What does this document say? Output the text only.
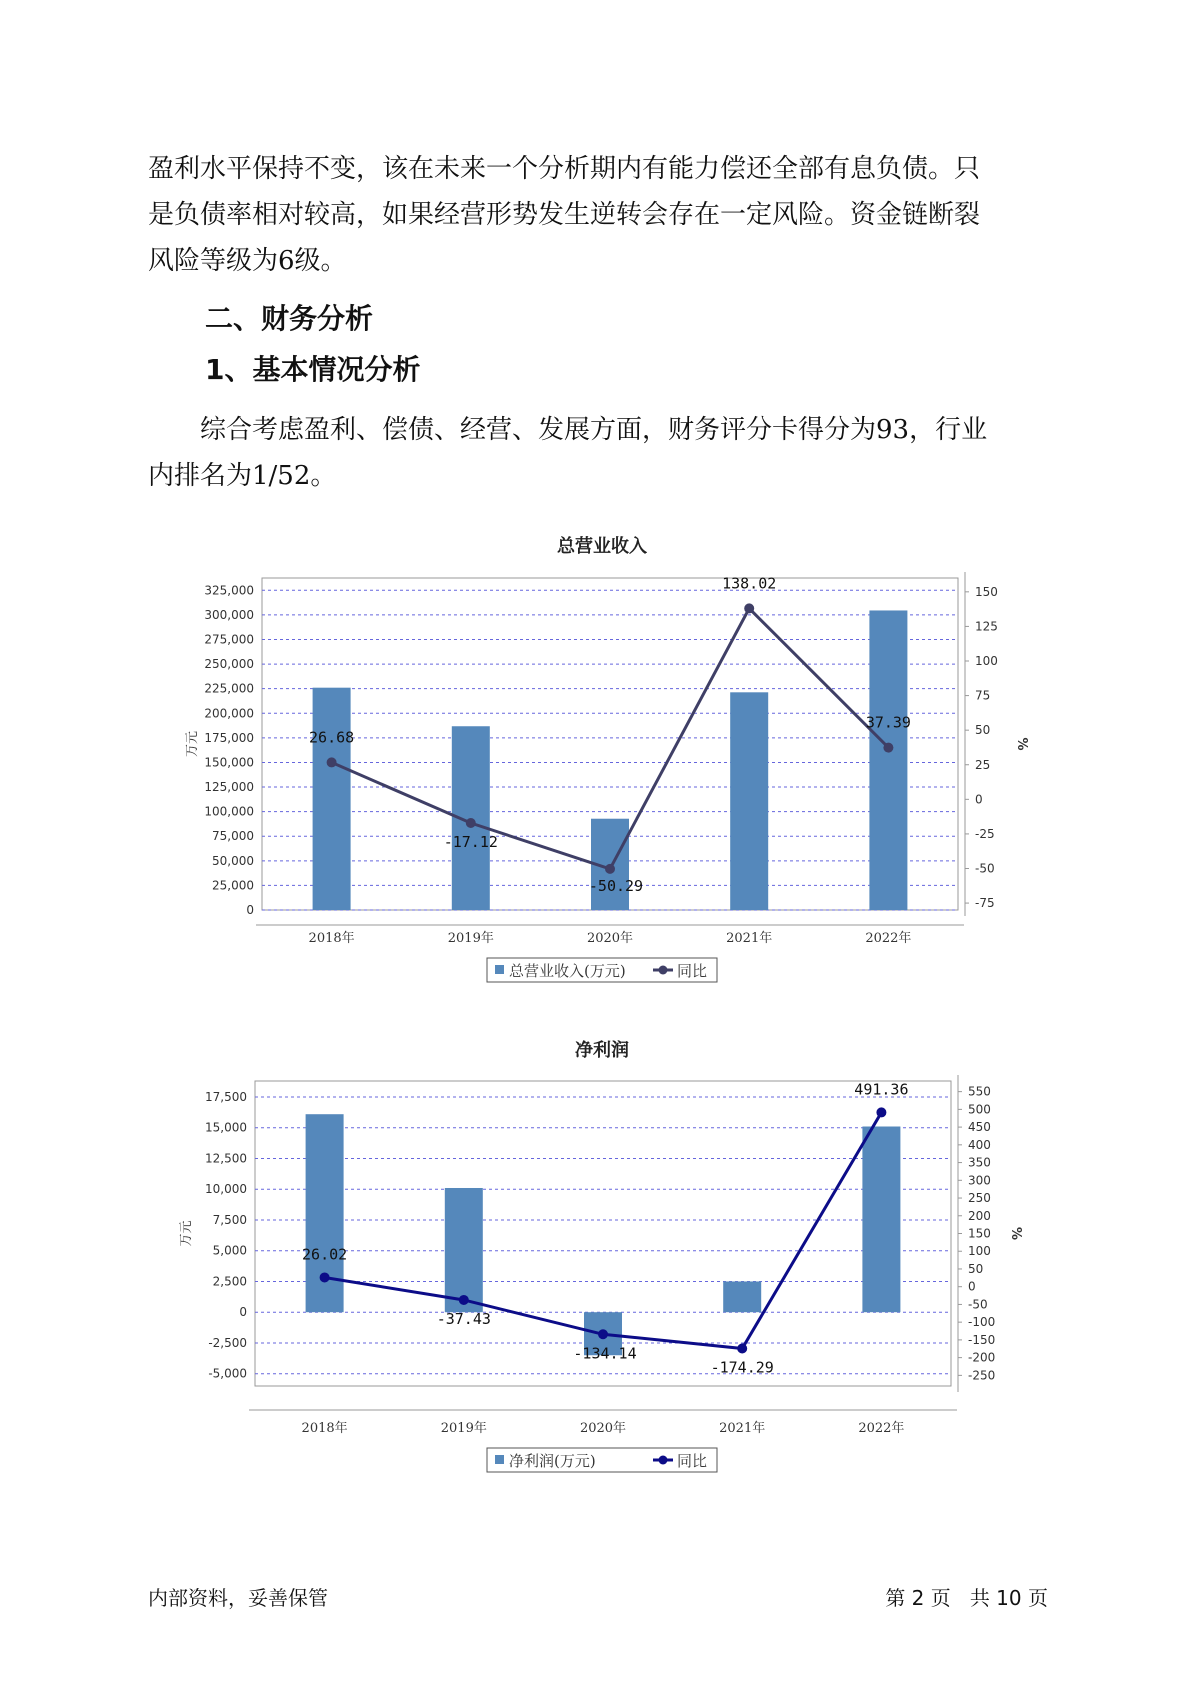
盈利水平保持不变，该在未来一个分析期内有能力偿还全部有息负债。只
是负债率相对较高，如果经营形势发生逆转会存在一定风险。资金链断裂
风险等级为6级。

二、财务分析
1、基本情况分析

综合考虑盈利、偿债、经营、发展方面，财务评分卡得分为93，行业
内排名为1/52。

总营业收入
0
25,000
50,000
75,000
100,000
125,000
150,000
175,000
200,000
225,000
250,000
275,000
300,000
325,000
-75
-50
-25
0
25
50
75
100
125
150
2018年	2019年	2020年	2021年	2022年
万元	%
26.68
-17.12
-50.29
138.02
37.39
总营业收入(万元)	同比
净利润
-5,000
-2,500
0
2,500
5,000
7,500
10,000
12,500
15,000
17,500
-250
-200
-150
-100
-50
0
50
100
150
200
250
300
350
400
450
500
550
2018年	2019年	2020年	2021年	2022年
万元	%
26.02
-37.43
-134.14
-174.29
491.36
净利润(万元)	同比
内部资料，妥善保管	第 2 页   共 10 页
